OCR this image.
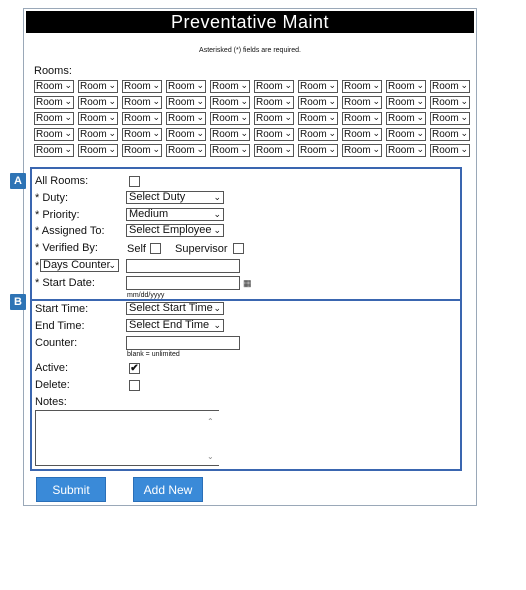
Preventative Maint
Asterisked (*) fields are required.
Rooms:
Room ⌄ Room ⌄ Room ⌄ Room ⌄ Room ⌄ Room ⌄ Room ⌄ Room ⌄ Room ⌄ Room ⌄
Room ⌄ Room ⌄ Room ⌄ Room ⌄ Room ⌄ Room ⌄ Room ⌄ Room ⌄ Room ⌄ Room ⌄
Room ⌄ Room ⌄ Room ⌄ Room ⌄ Room ⌄ Room ⌄ Room ⌄ Room ⌄ Room ⌄ Room ⌄
Room ⌄ Room ⌄ Room ⌄ Room ⌄ Room ⌄ Room ⌄ Room ⌄ Room ⌄ Room ⌄ Room ⌄
Room ⌄ Room ⌄ Room ⌄ Room ⌄ Room ⌄ Room ⌄ Room ⌄ Room ⌄ Room ⌄ Room ⌄
A	All Rooms:
* Duty:	Select Duty	⌄
* Priority:	Medium	⌄
* Assigned To: Select Employee ⌄
* Verified By:	Self	Supervisor
* Days Counter
⌄
* Start Date:	▦
mm/dd/yyyy
B
Start Time:	Select Start Time ⌄
End Time:	Select End Time ⌄
Counter:
blank = unlimited
Active:	✔
Delete:
Notes:
⌃
⌄
Submit	Add New
